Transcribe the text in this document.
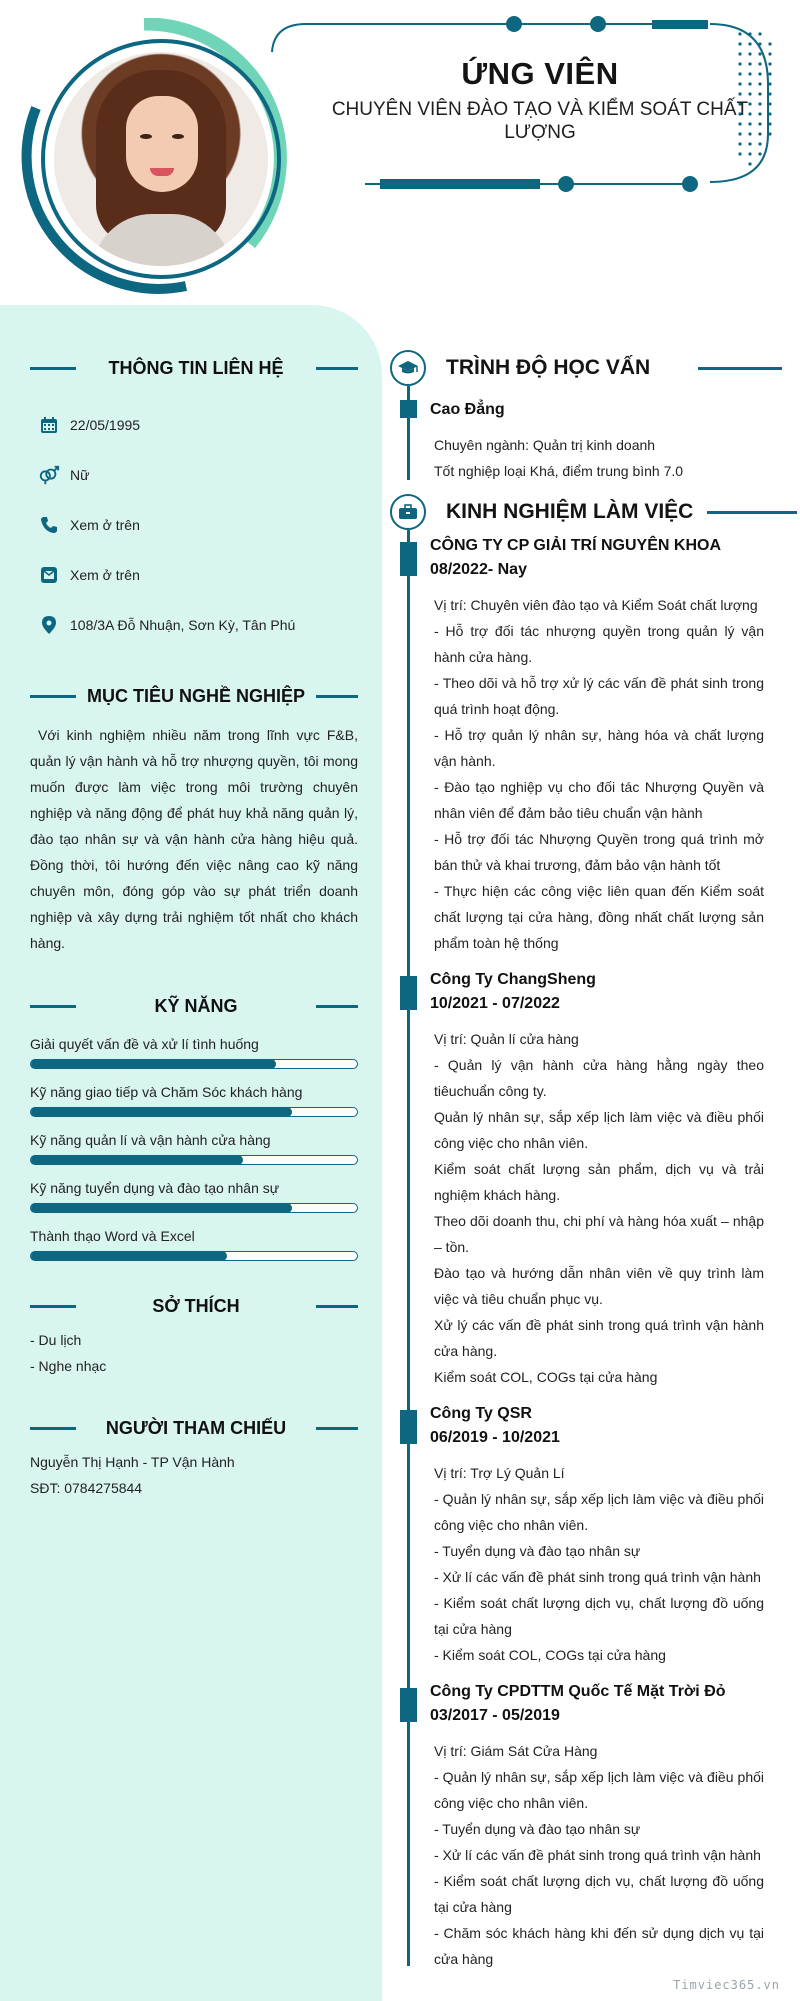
ỨNG VIÊN
CHUYÊN VIÊN ĐÀO TẠO VÀ KIỂM SOÁT CHẤT LƯỢNG
THÔNG TIN LIÊN HỆ
22/05/1995
Nữ
Xem ở trên
Xem ở trên
108/3A Đỗ Nhuận, Sơn Kỳ, Tân Phú
MỤC TIÊU NGHỀ NGHIỆP
Với kinh nghiệm nhiều năm trong lĩnh vực F&B, quản lý vận hành và hỗ trợ nhượng quyền, tôi mong muốn được làm việc trong môi trường chuyên nghiệp và năng động để phát huy khả năng quản lý, đào tạo nhân sự và vận hành cửa hàng hiệu quả. Đồng thời, tôi hướng đến việc nâng cao kỹ năng chuyên môn, đóng góp vào sự phát triển doanh nghiệp và xây dựng trải nghiệm tốt nhất cho khách hàng.
KỸ NĂNG
Giải quyết vấn đề và xử lí tình huống
Kỹ năng giao tiếp và Chăm Sóc khách hàng
Kỹ năng quản lí và vận hành cửa hàng
Kỹ năng tuyển dụng và đào tạo nhân sự
Thành thạo Word và Excel
SỞ THÍCH
- Du lịch
- Nghe nhạc
NGƯỜI THAM CHIẾU
Nguyễn Thị Hạnh - TP Vận Hành
SĐT: 0784275844
TRÌNH ĐỘ HỌC VẤN
Cao Đẳng

Chuyên ngành: Quản trị kinh doanh

Tốt nghiệp loại Khá, điểm trung bình 7.0

KINH NGHIỆM LÀM VIỆC
CÔNG TY CP GIẢI TRÍ NGUYÊN KHOA
08/2022- Nay

Vị trí: Chuyên viên đào tạo và Kiểm Soát chất lượng

- Hỗ trợ đối tác nhượng quyền trong quản lý vận hành cửa hàng.

- Theo dõi và hỗ trợ xử lý các vấn đề phát sinh trong quá trình hoạt động.

- Hỗ trợ quản lý nhân sự, hàng hóa và chất lượng vận hành.

- Đào tạo nghiệp vụ cho đối tác Nhượng Quyền và nhân viên để đảm bảo tiêu chuẩn vận hành

- Hỗ trợ đối tác Nhượng Quyền trong quá trình mở bán thử và khai trương, đảm bảo vận hành tốt

- Thực hiện các công việc liên quan đến Kiểm soát chất lượng tại cửa hàng, đồng nhất chất lượng sản phẩm toàn hệ thống

Công Ty ChangSheng
10/2021 - 07/2022

Vị trí: Quản lí cửa hàng

- Quản lý vận hành cửa hàng hằng ngày theo tiêuchuẩn công ty.

Quản lý nhân sự, sắp xếp lịch làm việc và điều phối công việc cho nhân viên.

Kiểm soát chất lượng sản phẩm, dịch vụ và trải nghiệm khách hàng.

Theo dõi doanh thu, chi phí và hàng hóa xuất – nhập – tồn.

Đào tạo và hướng dẫn nhân viên về quy trình làm việc và tiêu chuẩn phục vụ.

Xử lý các vấn đề phát sinh trong quá trình vận hành cửa hàng.

Kiểm soát COL, COGs tại cửa hàng

Công Ty QSR
06/2019 - 10/2021

Vị trí: Trợ Lý Quản Lí

- Quản lý nhân sự, sắp xếp lịch làm việc và điều phối công việc cho nhân viên.

- Tuyển dụng và đào tạo nhân sự

- Xử lí các vấn đề phát sinh trong quá trình vận hành

- Kiểm soát chất lượng dịch vụ, chất lượng đồ uống tại cửa hàng

- Kiểm soát COL, COGs tại cửa hàng

Công Ty CPDTTM Quốc Tế Mặt Trời Đỏ
03/2017 - 05/2019

Vị trí: Giám Sát Cửa Hàng

- Quản lý nhân sự, sắp xếp lịch làm việc và điều phối công việc cho nhân viên.

- Tuyển dụng và đào tạo nhân sự

- Xử lí các vấn đề phát sinh trong quá trình vận hành

- Kiểm soát chất lượng dịch vụ, chất lượng đồ uống tại cửa hàng

- Chăm sóc khách hàng khi đến sử dụng dịch vụ tại cửa hàng

Timviec365.vn
